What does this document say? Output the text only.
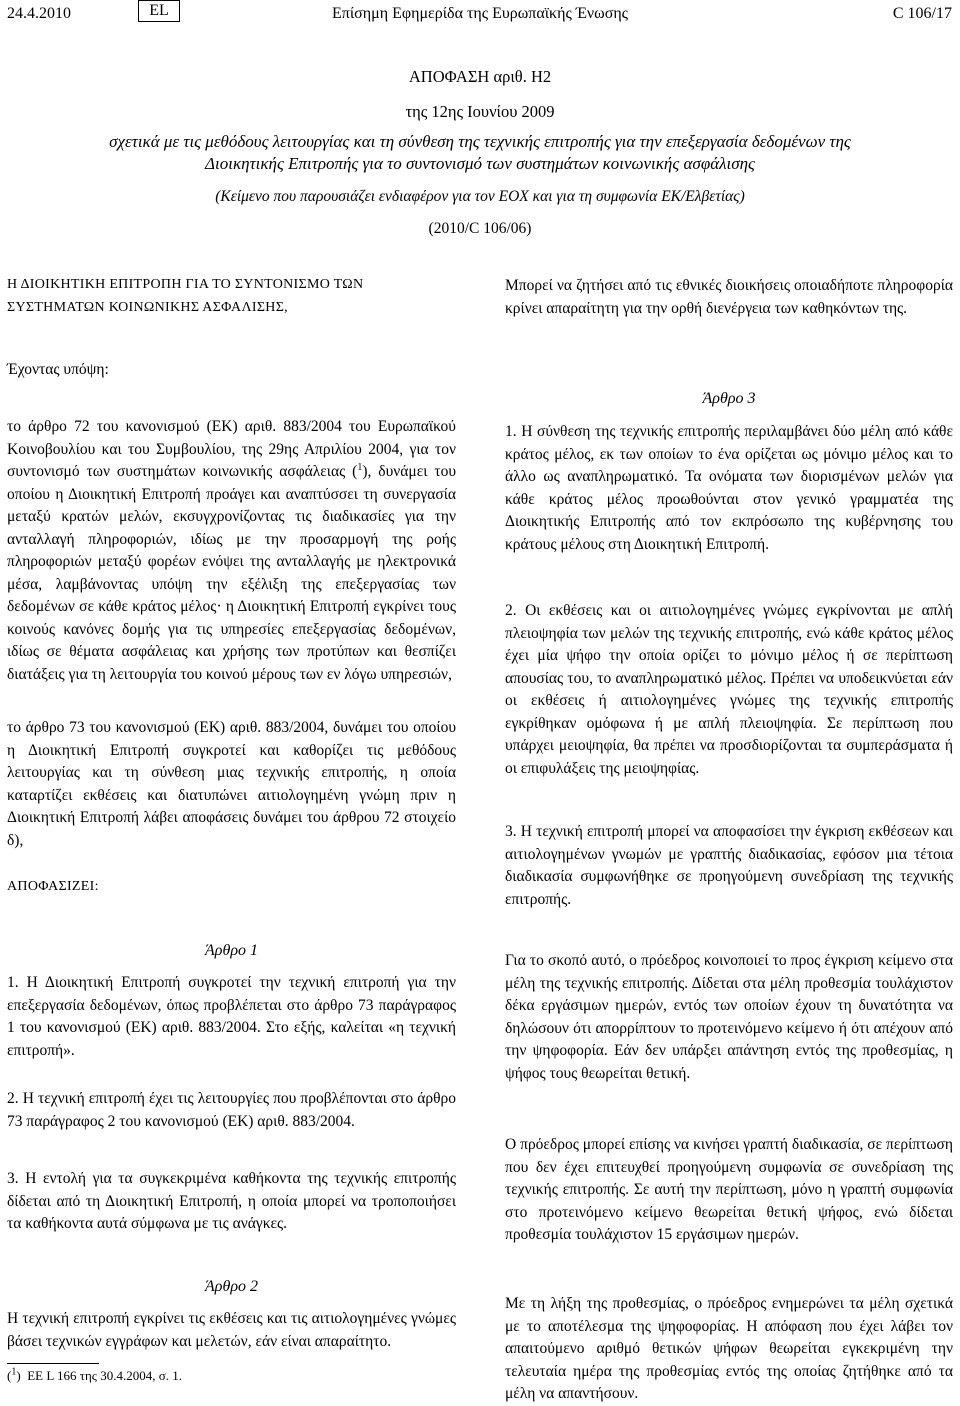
24.4.2010	Επίσημη Εφημερίδα της Ευρωπαϊκής Ένωσης
EL	C 106/17
ΑΠΟΦΑΣΗ αριθ. Η2
της 12ης Ιουνίου 2009
σχετικά με τις μεθόδους λειτουργίας και τη σύνθεση της τεχνικής επιτροπής για την επεξεργασία δεδομένων της Διοικητικής Επιτροπής για το συντονισμό των συστημάτων κοινωνικής ασφάλισης
(Κείμενο που παρουσιάζει ενδιαφέρον για τον ΕΟΧ και για τη συμφωνία ΕΚ/Ελβετίας)
(2010/C 106/06)

Η ΔΙΟΙΚΗΤΙΚΗ ΕΠΙΤΡΟΠΗ ΓΙΑ ΤΟ ΣΥΝΤΟΝΙΣΜΟ ΤΩΝ ΣΥΣΤΗΜΑΤΩΝ ΚΟΙΝΩΝΙΚΗΣ ΑΣΦΑΛΙΣΗΣ,

Έχοντας υπόψη:

το άρθρο 72 του κανονισμού (ΕΚ) αριθ. 883/2004 του Ευρωπαϊκού Κοινοβουλίου και του Συμβουλίου, της 29ης Απριλίου 2004, για τον συντονισμό των συστημάτων κοινωνικής ασφάλειας ($^1$), δυνάμει του οποίου η Διοικητική Επιτροπή προάγει και αναπτύσσει τη συνεργασία μεταξύ κρατών μελών, εκσυγχρονίζοντας τις διαδικασίες για την ανταλλαγή πληροφοριών, ιδίως με την προσαρμογή της ροής πληροφοριών μεταξύ φορέων ενόψει της ανταλλαγής με ηλεκτρονικά μέσα, λαμβάνοντας υπόψη την εξέλιξη της επεξεργασίας των δεδομένων σε κάθε κράτος μέλος· η Διοικητική Επιτροπή εγκρίνει τους κοινούς κανόνες δομής για τις υπηρεσίες επεξεργασίας δεδομένων, ιδίως σε θέματα ασφάλειας και χρήσης των προτύπων και θεσπίζει διατάξεις για τη λειτουργία του κοινού μέρους των εν λόγω υπηρεσιών,

το άρθρο 73 του κανονισμού (ΕΚ) αριθ. 883/2004, δυνάμει του οποίου η Διοικητική Επιτροπή συγκροτεί και καθορίζει τις μεθόδους λειτουργίας και τη σύνθεση μιας τεχνικής επιτροπής, η οποία καταρτίζει εκθέσεις και διατυπώνει αιτιολογημένη γνώμη πριν η Διοικητική Επιτροπή λάβει αποφάσεις δυνάμει του άρθρου 72 στοιχείο δ),

ΑΠΟΦΑΣΙΖΕΙ:

Άρθρο 1

1. Η Διοικητική Επιτροπή συγκροτεί την τεχνική επιτροπή για την επεξεργασία δεδομένων, όπως προβλέπεται στο άρθρο 73 παράγραφος 1 του κανονισμού (ΕΚ) αριθ. 883/2004. Στο εξής, καλείται «η τεχνική επιτροπή».

2. Η τεχνική επιτροπή έχει τις λειτουργίες που προβλέπονται στο άρθρο 73 παράγραφος 2 του κανονισμού (ΕΚ) αριθ. 883/2004.

3. Η εντολή για τα συγκεκριμένα καθήκοντα της τεχνικής επιτροπής δίδεται από τη Διοικητική Επιτροπή, η οποία μπορεί να τροποποιήσει τα καθήκοντα αυτά σύμφωνα με τις ανάγκες.

Άρθρο 2

Η τεχνική επιτροπή εγκρίνει τις εκθέσεις και τις αιτιολογημένες γνώμες βάσει τεχνικών εγγράφων και μελετών, εάν είναι απαραίτητο.

Μπορεί να ζητήσει από τις εθνικές διοικήσεις οποιαδήποτε πληροφορία κρίνει απαραίτητη για την ορθή διενέργεια των καθηκόντων της.

Άρθρο 3

1. Η σύνθεση της τεχνικής επιτροπής περιλαμβάνει δύο μέλη από κάθε κράτος μέλος, εκ των οποίων το ένα ορίζεται ως μόνιμο μέλος και το άλλο ως αναπληρωματικό. Τα ονόματα των διορισμένων μελών για κάθε κράτος μέλος προωθούνται στον γενικό γραμματέα της Διοικητικής Επιτροπής από τον εκπρόσωπο της κυβέρνησης του κράτους μέλους στη Διοικητική Επιτροπή.

2. Οι εκθέσεις και οι αιτιολογημένες γνώμες εγκρίνονται με απλή πλειοψηφία των μελών της τεχνικής επιτροπής, ενώ κάθε κράτος μέλος έχει μία ψήφο την οποία ορίζει το μόνιμο μέλος ή σε περίπτωση απουσίας του, το αναπληρωματικό μέλος. Πρέπει να υποδεικνύεται εάν οι εκθέσεις ή αιτιολογημένες γνώμες της τεχνικής επιτροπής εγκρίθηκαν ομόφωνα ή με απλή πλειοψηφία. Σε περίπτωση που υπάρχει μειοψηφία, θα πρέπει να προσδιορίζονται τα συμπεράσματα ή οι επιφυλάξεις της μειοψηφίας.

3. Η τεχνική επιτροπή μπορεί να αποφασίσει την έγκριση εκθέσεων και αιτιολογημένων γνωμών με γραπτής διαδικασίας, εφόσον μια τέτοια διαδικασία συμφωνήθηκε σε προηγούμενη συνεδρίαση της τεχνικής επιτροπής.

Για το σκοπό αυτό, ο πρόεδρος κοινοποιεί το προς έγκριση κείμενο στα μέλη της τεχνικής επιτροπής. Δίδεται στα μέλη προθεσμία τουλάχιστον δέκα εργάσιμων ημερών, εντός των οποίων έχουν τη δυνατότητα να δηλώσουν ότι απορρίπτουν το προτεινόμενο κείμενο ή ότι απέχουν από την ψηφοφορία. Εάν δεν υπάρξει απάντηση εντός της προθεσμίας, η ψήφος τους θεωρείται θετική.

Ο πρόεδρος μπορεί επίσης να κινήσει γραπτή διαδικασία, σε περίπτωση που δεν έχει επιτευχθεί προηγούμενη συμφωνία σε συνεδρίαση της τεχνικής επιτροπής. Σε αυτή την περίπτωση, μόνο η γραπτή συμφωνία στο προτεινόμενο κείμενο θεωρείται θετική ψήφος, ενώ δίδεται προθεσμία τουλάχιστον 15 εργάσιμων ημερών.

Με τη λήξη της προθεσμίας, ο πρόεδρος ενημερώνει τα μέλη σχετικά με το αποτέλεσμα της ψηφοφορίας. Η απόφαση που έχει λάβει τον απαιτούμενο αριθμό θετικών ψήφων θεωρείται εγκεκριμένη την τελευταία ημέρα της προθεσμίας εντός της οποίας ζητήθηκε από τα μέλη να απαντήσουν.

($^1$)  EE L 166 της 30.4.2004, σ. 1.
